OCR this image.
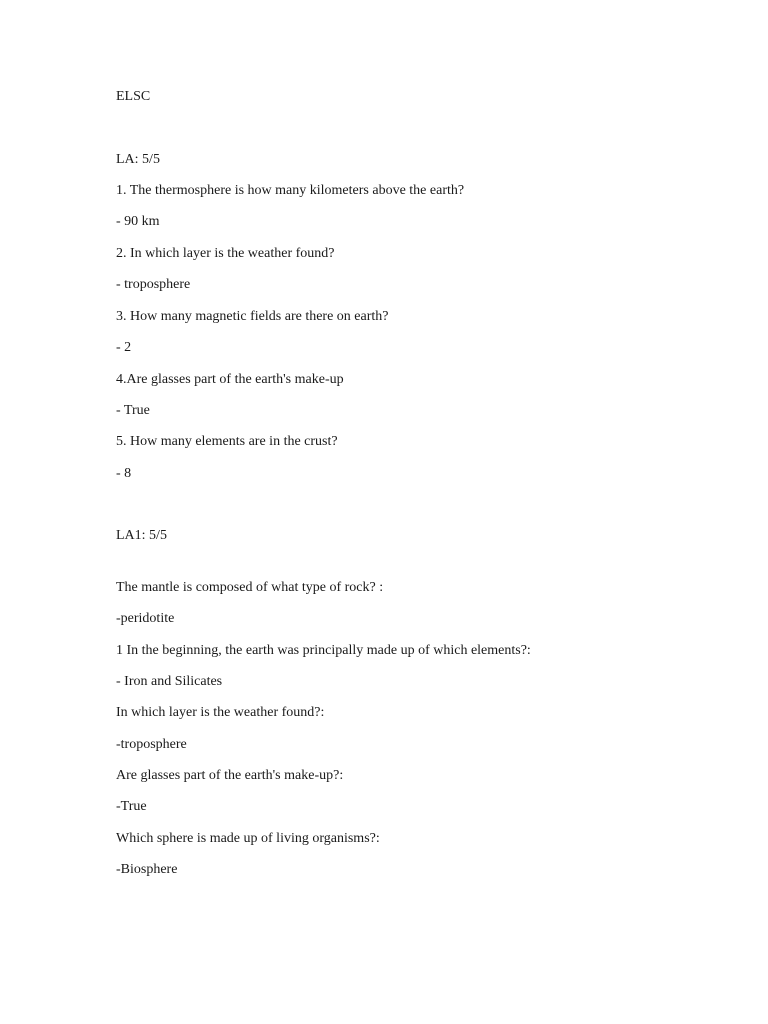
ELSC
LA: 5/5
1. The thermosphere is how many kilometers above the earth?
- 90 km
2. In which layer is the weather found?
- troposphere
3. How many magnetic fields are there on earth?
- 2
4.Are glasses part of the earth's make-up
- True
5. How many elements are in the crust?
- 8
LA1: 5/5
The mantle is composed of what type of rock? :
-peridotite
1 In the beginning, the earth was principally made up of which elements?:
- Iron and Silicates
In which layer is the weather found?:
-troposphere
Are glasses part of the earth's make-up?:
-True
Which sphere is made up of living organisms?:
-Biosphere
